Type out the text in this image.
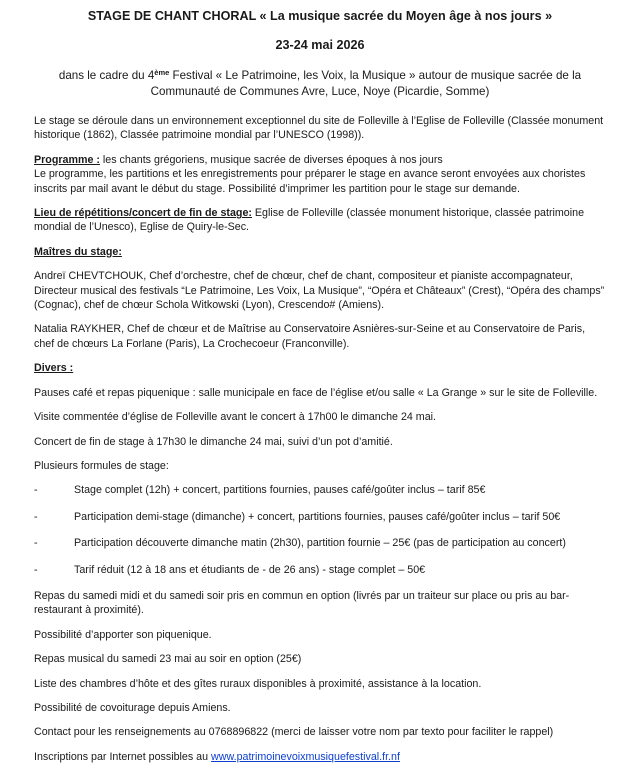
STAGE DE CHANT CHORAL « La musique sacrée du Moyen âge à nos jours »

23-24 mai 2026

dans le cadre du 4ème Festival « Le Patrimoine, les Voix, la Musique » autour de musique sacrée de la Communauté de Communes Avre, Luce, Noye (Picardie, Somme)

Le stage se déroule dans un environnement exceptionnel du site de Folleville à l’Eglise de Folleville (Classée monument historique (1862), Classée patrimoine mondial par l’UNESCO (1998)).

Programme : les chants grégoriens, musique sacrée de diverses époques à nos jours
Le programme, les partitions et les enregistrements pour préparer le stage en avance seront envoyées aux choristes inscrits par mail avant le début du stage. Possibilité d’imprimer les partition pour le stage sur demande.

Lieu de répétitions/concert de fin de stage: Eglise de Folleville (classée monument historique, classée patrimoine mondial de l’Unesco), Eglise de Quiry-le-Sec.

Maîtres du stage:

Andreï CHEVTCHOUK, Chef d’orchestre, chef de chœur, chef de chant, compositeur et pianiste accompagnateur, Directeur musical des festivals “Le Patrimoine, Les Voix, La Musique”, “Opéra et Châteaux” (Crest), “Opéra des champs” (Cognac), chef de chœur Schola Witkowski (Lyon), Crescendo# (Amiens).

Natalia RAYKHER, Chef de chœur et de Maîtrise au Conservatoire Asnières-sur-Seine et au Conservatoire de Paris, chef de chœurs La Forlane (Paris), La Crochecoeur (Franconville).

Divers :

Pauses café et repas piquenique : salle municipale en face de l’église et/ou salle « La Grange » sur le site de Folleville.

Visite commentée d’église de Folleville avant le concert à 17h00 le dimanche 24 mai.

Concert de fin de stage à 17h30 le dimanche 24 mai, suivi d’un pot d’amitié.

Plusieurs formules de stage:

-	Stage complet (12h) + concert, partitions fournies, pauses café/goûter inclus – tarif 85€
-	Participation demi-stage (dimanche) + concert, partitions fournies, pauses café/goûter inclus – tarif 50€
-	Participation découverte dimanche matin (2h30), partition fournie – 25€ (pas de participation au concert)
-	Tarif réduit (12 à 18 ans et étudiants de - de 26 ans) - stage complet – 50€

Repas du samedi midi et du samedi soir pris en commun en option (livrés par un traiteur sur place ou pris au bar-restaurant à proximité).

Possibilité d’apporter son piquenique.

Repas musical du samedi 23 mai au soir en option (25€)

Liste des chambres d’hôte et des gîtes ruraux disponibles à proximité, assistance à la location.

Possibilité de covoiturage depuis Amiens.

Contact pour les renseignements au 0768896822 (merci de laisser votre nom par texto pour faciliter le rappel)

Inscriptions par Internet possibles au www.patrimoinevoixmusiquefestival.fr.nf
